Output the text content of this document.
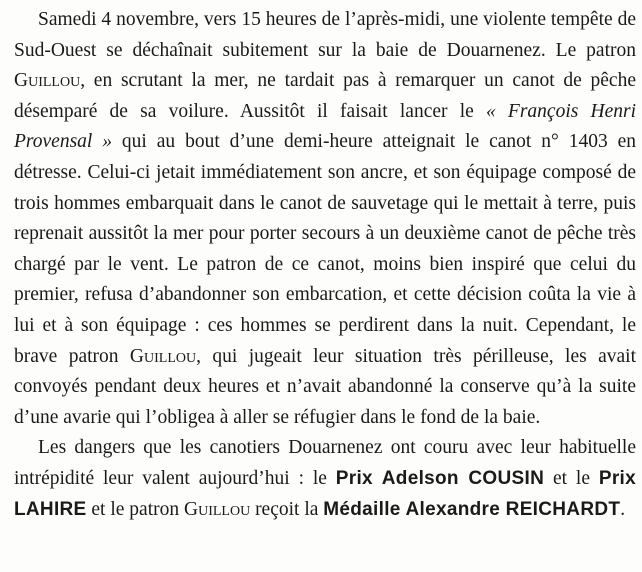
Samedi 4 novembre, vers 15 heures de l’après-midi, une violente tempête de Sud-Ouest se déchaînait subitement sur la baie de Douarnenez. Le patron Guillou, en scrutant la mer, ne tardait pas à remarquer un canot de pêche désemparé de sa voilure. Aussitôt il faisait lancer le « François Henri Provensal » qui au bout d’une demi-heure atteignait le canot n° 1403 en détresse. Celui-ci jetait immédiatement son ancre, et son équipage composé de trois hommes embarquait dans le canot de sauvetage qui le mettait à terre, puis reprenait aussitôt la mer pour porter secours à un deuxième canot de pêche très chargé par le vent. Le patron de ce canot, moins bien inspiré que celui du premier, refusa d’abandonner son embarcation, et cette décision coûta la vie à lui et à son équipage : ces hommes se perdirent dans la nuit. Cependant, le brave patron Guillou, qui jugeait leur situation très périlleuse, les avait convoyés pendant deux heures et n’avait abandonné la conserve qu’à la suite d’une avarie qui l’obligea à aller se réfugier dans le fond de la baie.

Les dangers que les canotiers Douarnenez ont couru avec leur habituelle intrépidité leur valent aujourd’hui : le Prix Adelson COUSIN et le Prix LAHIRE et le patron Guillou reçoit la Médaille Alexandre REICHARDT.
